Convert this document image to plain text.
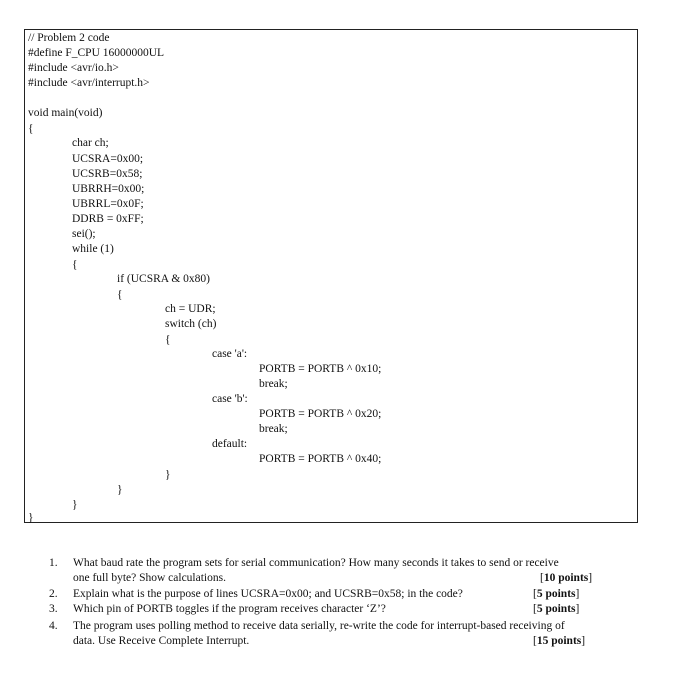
// Problem 2 code
#define F_CPU 16000000UL
#include <avr/io.h>
#include <avr/interrupt.h>
void main(void)
{
char ch;
UCSRA=0x00;
UCSRB=0x58;
UBRRH=0x00;
UBRRL=0x0F;
DDRB = 0xFF;
sei();
while (1)
{
if (UCSRA & 0x80)
{
ch = UDR;
switch (ch)
{
case 'a':
PORTB = PORTB ^ 0x10;
break;
case 'b':
PORTB = PORTB ^ 0x20;
break;
default:
PORTB = PORTB ^ 0x40;
}
}
}
}
1. What baud rate the program sets for serial communication? How many seconds it takes to send or receive
one full byte? Show calculations.	[10 points]
2. Explain what is the purpose of lines UCSRA=0x00; and UCSRB=0x58; in the code?	[5 points]
3. Which pin of PORTB toggles if the program receives character ‘Z’?	[5 points]
4. The program uses polling method to receive data serially, re-write the code for interrupt-based receiving of
data. Use Receive Complete Interrupt.	[15 points]
